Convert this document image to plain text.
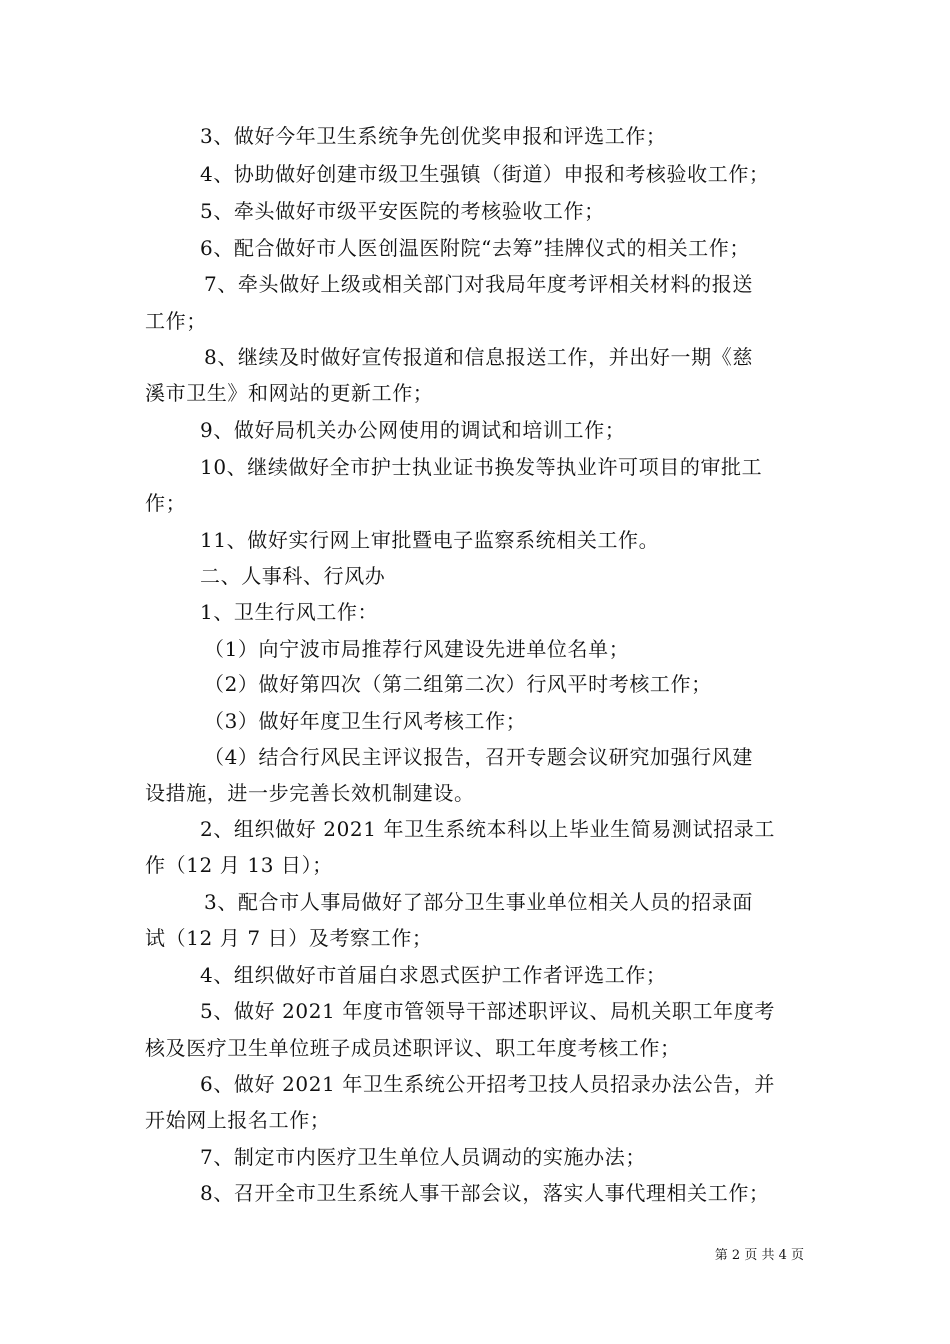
3、做好今年卫生系统争先创优奖申报和评选工作；
4、协助做好创建市级卫生强镇（街道）申报和考核验收工作；
5、牵头做好市级平安医院的考核验收工作；
6、配合做好市人医创温医附院“去筹”挂牌仪式的相关工作；
7、牵头做好上级或相关部门对我局年度考评相关材料的报送
工作；
8、继续及时做好宣传报道和信息报送工作，并出好一期《慈
溪市卫生》和网站的更新工作；
9、做好局机关办公网使用的调试和培训工作；
10、继续做好全市护士执业证书换发等执业许可项目的审批工
作；
11、做好实行网上审批暨电子监察系统相关工作。
二、人事科、行风办
1、卫生行风工作：
（1）向宁波市局推荐行风建设先进单位名单；
（2）做好第四次（第二组第二次）行风平时考核工作；
（3）做好年度卫生行风考核工作；
（4）结合行风民主评议报告，召开专题会议研究加强行风建
设措施，进一步完善长效机制建设。
2、组织做好 2021 年卫生系统本科以上毕业生简易测试招录工
作（12 月 13 日）；
3、配合市人事局做好了部分卫生事业单位相关人员的招录面
试（12 月 7 日）及考察工作；
4、组织做好市首届白求恩式医护工作者评选工作；
5、做好 2021 年度市管领导干部述职评议、局机关职工年度考
核及医疗卫生单位班子成员述职评议、职工年度考核工作；
6、做好 2021 年卫生系统公开招考卫技人员招录办法公告，并
开始网上报名工作；
7、制定市内医疗卫生单位人员调动的实施办法；
8、召开全市卫生系统人事干部会议，落实人事代理相关工作；
第 2 页 共 4 页
